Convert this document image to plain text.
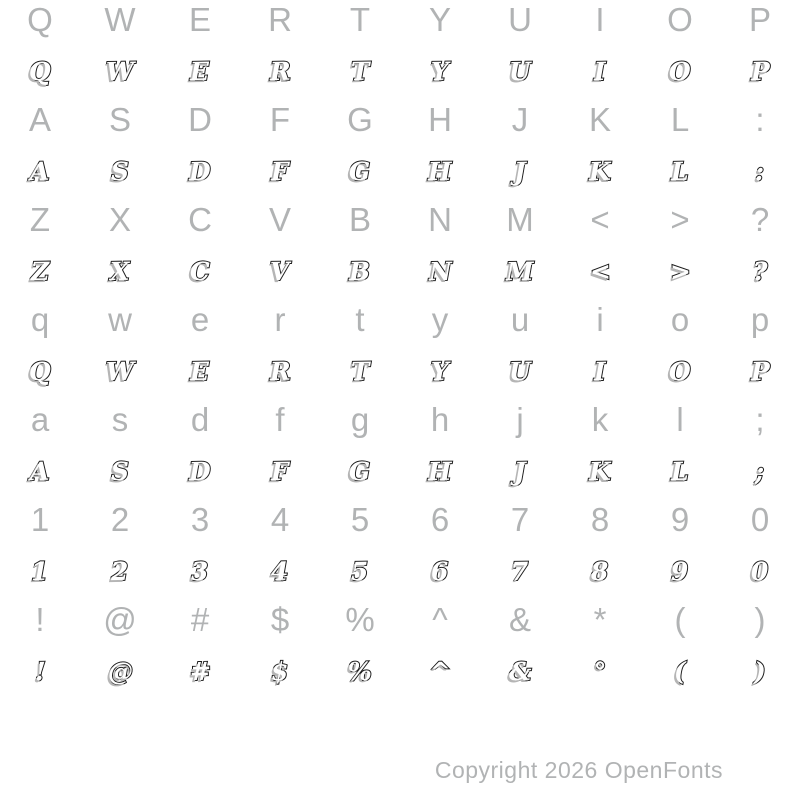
Q W E R T Y U I O P
Q W E R T Y U	I	O P
A S D F G H J K L :
A S D F G H J	K L	:
Z X C V B N M < > ?
Z X C V B N M < > ?
q w e r t y u i o p
Q W E R T Y U	I	O P
a s d f g h j k l ;
A S D F G H J	K L	;
1 2 3 4 5 6 7 8 9 0
1 2 3 4 5 6 7 8 9 0
! @ # $ % ^ & * ( )
! @ # $ % ^ & °	(	)
Copyright 2026 OpenFonts
